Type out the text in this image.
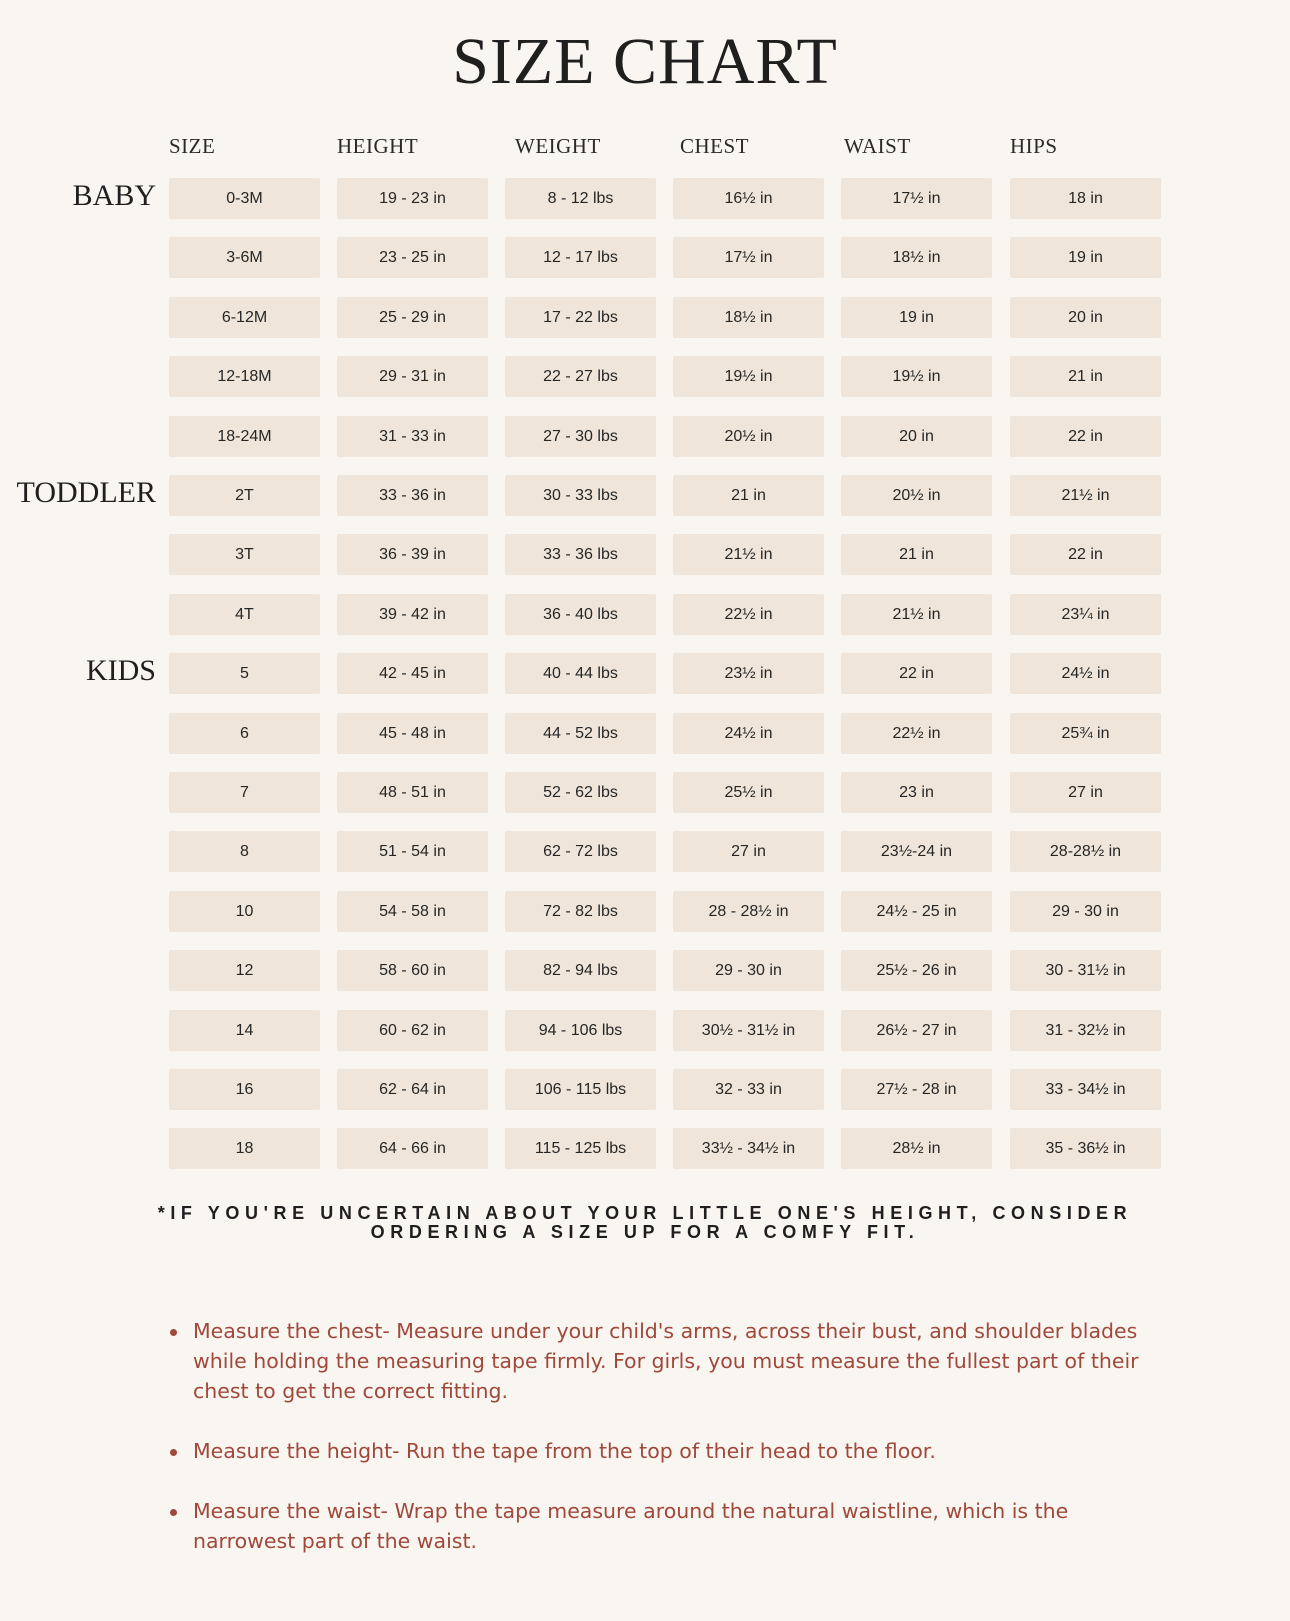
SIZE CHART
SIZE	HEIGHT	WEIGHT	CHEST	WAIST	HIPS
0-3M	19 - 23 in	8 - 12 lbs	16½ in	17½ in	18 in
3-6M	23 - 25 in	12 - 17 lbs	17½ in	18½ in	19 in
6-12M	25 - 29 in	17 - 22 lbs	18½ in	19 in	20 in
12-18M	29 - 31 in	22 - 27 lbs	19½ in	19½ in	21 in
18-24M	31 - 33 in	27 - 30 lbs	20½ in	20 in	22 in
2T	33 - 36 in	30 - 33 lbs	21 in	20½ in	21½ in
3T	36 - 39 in	33 - 36 lbs	21½ in	21 in	22 in
4T	39 - 42 in	36 - 40 lbs	22½ in	21½ in	23¼ in
5	42 - 45 in	40 - 44 lbs	23½ in	22 in	24½ in
6	45 - 48 in	44 - 52 lbs	24½ in	22½ in	25¾ in
7	48 - 51 in	52 - 62 lbs	25½ in	23 in	27 in
8	51 - 54 in	62 - 72 lbs	27 in	23½-24 in	28-28½ in
10	54 - 58 in	72 - 82 lbs	28 - 28½ in	24½ - 25 in	29 - 30 in
12	58 - 60 in	82 - 94 lbs	29 - 30 in	25½ - 26 in	30 - 31½ in
14	60 - 62 in	94 - 106 lbs	30½ - 31½ in	26½ - 27 in	31 - 32½ in
16	62 - 64 in	106 - 115 lbs	32 - 33 in	27½ - 28 in	33 - 34½ in
18	64 - 66 in	115 - 125 lbs	33½ - 34½ in	28½ in	35 - 36½ in
BABY
TODDLER
KIDS
*IF YOU'RE UNCERTAIN ABOUT YOUR LITTLE ONE'S HEIGHT, CONSIDER
ORDERING A SIZE UP FOR A COMFY FIT.
Measure the chest- Measure under your child's arms, across their bust, and shoulder blades while holding the measuring tape firmly. For girls, you must measure the fullest part of their chest to get the correct fitting.
Measure the height- Run the tape from the top of their head to the floor.
Measure the waist- Wrap the tape measure around the natural waistline, which is the narrowest part of the waist.
